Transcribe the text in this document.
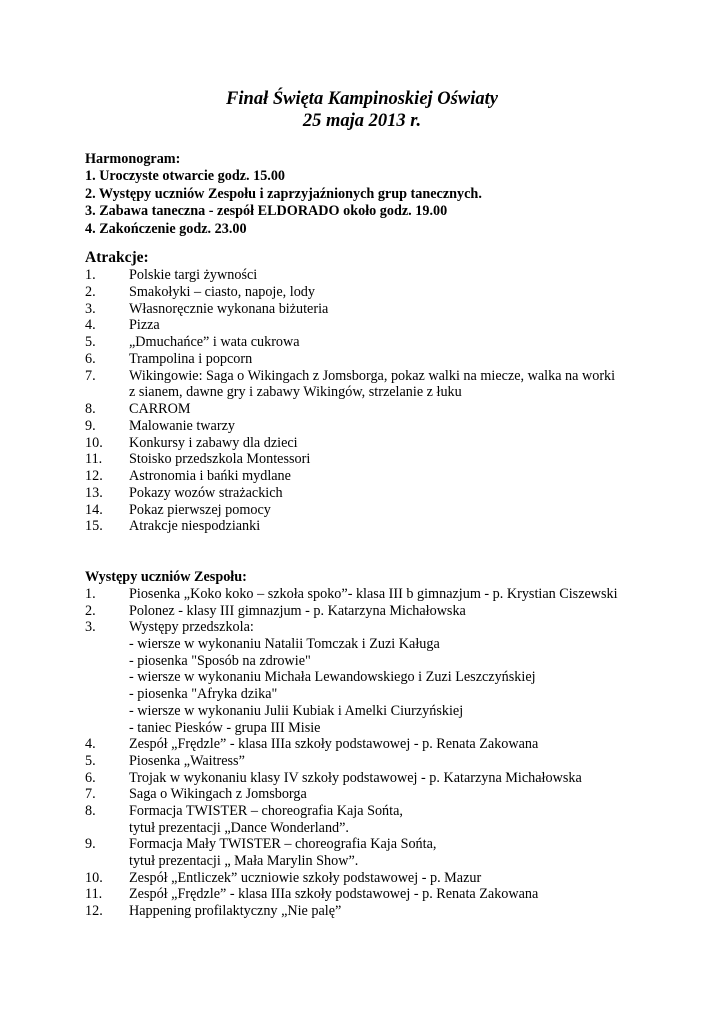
Finał Święta Kampinoskiej Oświaty
25 maja 2013 r.
Harmonogram:
1. Uroczyste otwarcie godz. 15.00
2. Występy uczniów Zespołu i zaprzyjaźnionych grup tanecznych.
3. Zabawa taneczna - zespół ELDORADO około godz. 19.00
4. Zakończenie godz. 23.00
Atrakcje:
1.	Polskie targi żywności
2.	Smakołyki – ciasto, napoje, lody
3.	Własnoręcznie wykonana biżuteria
4.	Pizza
5.	„Dmuchańce” i wata cukrowa
6.	Trampolina i popcorn
7.	Wikingowie: Saga o Wikingach z Jomsborga, pokaz walki na miecze, walka na worki
z sianem, dawne gry i zabawy Wikingów, strzelanie z łuku
8.	CARROM
9.	Malowanie twarzy
10.	Konkursy i zabawy dla dzieci
11.	Stoisko przedszkola Montessori
12.	Astronomia i bańki mydlane
13.	Pokazy wozów strażackich
14.	Pokaz pierwszej pomocy
15.	Atrakcje niespodzianki
Występy uczniów Zespołu:
1.	Piosenka „Koko koko – szkoła spoko”- klasa III b gimnazjum - p. Krystian Ciszewski
2.	Polonez - klasy III gimnazjum - p. Katarzyna Michałowska
3.	Występy przedszkola:
- wiersze w wykonaniu Natalii Tomczak i Zuzi Kaługa
- piosenka "Sposób na zdrowie"
- wiersze w wykonaniu Michała Lewandowskiego i Zuzi Leszczyńskiej
- piosenka "Afryka dzika"
- wiersze w wykonaniu Julii Kubiak i Amelki Ciurzyńskiej
- taniec Piesków - grupa III Misie
4.	Zespół „Frędzle” - klasa IIIa szkoły podstawowej - p. Renata Zakowana
5.	Piosenka „Waitress”
6.	Trojak w wykonaniu klasy IV szkoły podstawowej - p. Katarzyna Michałowska
7.	Saga o Wikingach z Jomsborga
8.	Formacja TWISTER – choreografia Kaja Sońta,
tytuł prezentacji „Dance Wonderland”.
9.	Formacja Mały TWISTER – choreografia Kaja Sońta,
tytuł prezentacji „ Mała Marylin Show”.
10.	Zespół „Entliczek” uczniowie szkoły podstawowej - p. Mazur
11.	Zespół „Frędzle” - klasa IIIa szkoły podstawowej - p. Renata Zakowana
12.	Happening profilaktyczny „Nie palę”
